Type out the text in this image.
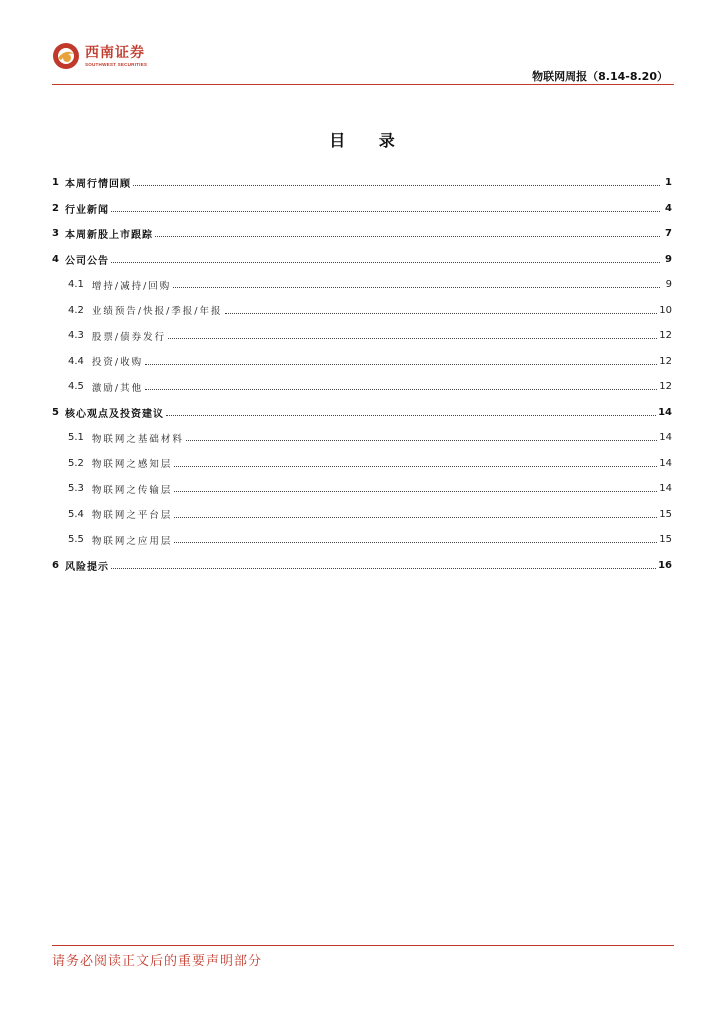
西南证券
SOUTHWEST SECURITIES
物联网周报（8.14-8.20）
目 录
1 本周行情回顾	1
2 行业新闻	4
3 本周新股上市跟踪	7
4 公司公告	9
4.1 增持/减持/回购	9
4.2 业绩预告/快报/季报/年报	10
4.3 股票/债券发行	12
4.4 投资/收购	12
4.5 激励/其他	12
5 核心观点及投资建议	14
5.1 物联网之基础材料	14
5.2 物联网之感知层	14
5.3 物联网之传输层	14
5.4 物联网之平台层	15
5.5 物联网之应用层	15
6 风险提示	16
请务必阅读正文后的重要声明部分
